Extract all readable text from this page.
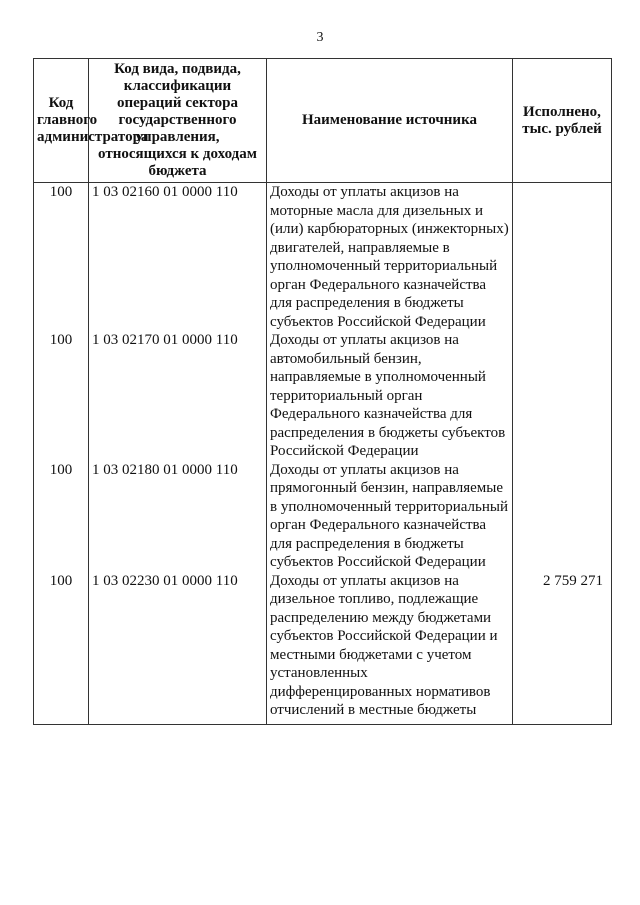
3
Код главного администратора	Код вида, подвида, классификации операций сектора государственного управления, относящихся к доходам бюджета	Наименование источника	Исполнено, тыс. рублей
100	1 03 02160 01 0000 110	Доходы от уплаты акцизов на моторные масла для дизельных и (или) карбюраторных (инжекторных) двигателей, направляемые в уполномоченный территориальный орган Федерального казначейства для распределения в бюджеты субъектов Российской Федерации	
100	1 03 02170 01 0000 110	Доходы от уплаты акцизов на автомобильный бензин, направляемые в уполномоченный территориальный орган Федерального казначейства для распределения в бюджеты субъектов Российской Федерации	
100	1 03 02180 01 0000 110	Доходы от уплаты акцизов на прямогонный бензин, направляемые в уполномоченный территориальный орган Федерального казначейства для распределения в бюджеты субъектов Российской Федерации	
100	1 03 02230 01 0000 110	Доходы от уплаты акцизов на дизельное топливо, подлежащие распределению между бюджетами субъектов Российской Федерации и местными бюджетами с учетом установленных дифференцированных нормативов отчислений в местные бюджеты	2 759 271
